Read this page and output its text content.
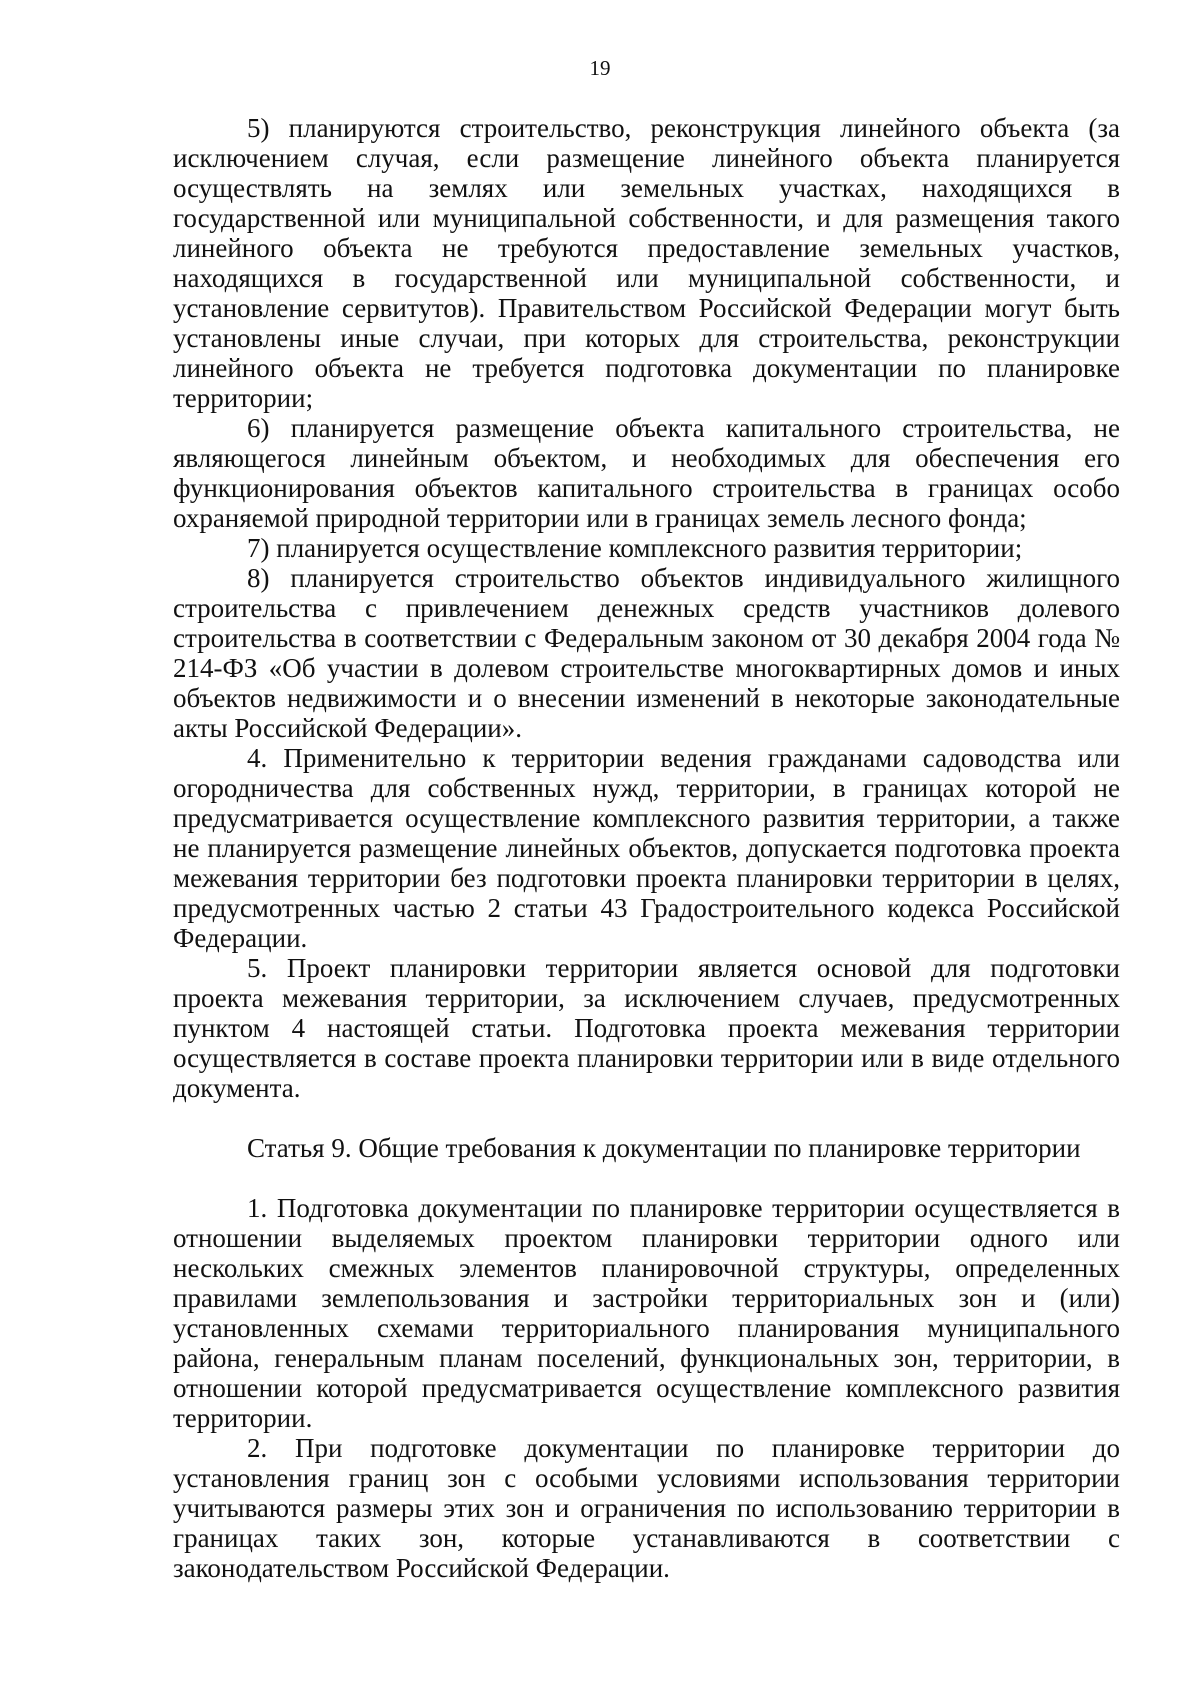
19

5) планируются строительство, реконструкция линейного объекта (за исключением случая, если размещение линейного объекта планируется осуществлять на землях или земельных участках, находящихся в государственной или муниципальной собственности, и для размещения такого линейного объекта не требуются предоставление земельных участков, находящихся в государственной или муниципальной собственности, и установление сервитутов). Правительством Российской Федерации могут быть установлены иные случаи, при которых для строительства, реконструкции линейного объекта не требуется подготовка документации по планировке территории;

6) планируется размещение объекта капитального строительства, не являющегося линейным объектом, и необходимых для обеспечения его функционирования объектов капитального строительства в границах особо охраняемой природной территории или в границах земель лесного фонда;

7) планируется осуществление комплексного развития территории;

8) планируется строительство объектов индивидуального жилищного строительства с привлечением денежных средств участников долевого строительства в соответствии с Федеральным законом от 30 декабря 2004 года № 214-ФЗ «Об участии в долевом строительстве многоквартирных домов и иных объектов недвижимости и о внесении изменений в некоторые законодательные акты Российской Федерации».

4. Применительно к территории ведения гражданами садоводства или огородничества для собственных нужд, территории, в границах которой не предусматривается осуществление комплексного развития территории, а также не планируется размещение линейных объектов, допускается подготовка проекта межевания территории без подготовки проекта планировки территории в целях, предусмотренных частью 2 статьи 43 Градостроительного кодекса Российской Федерации.

5. Проект планировки территории является основой для подготовки проекта межевания территории, за исключением случаев, предусмотренных пунктом 4 настоящей статьи. Подготовка проекта межевания территории осуществляется в составе проекта планировки территории или в виде отдельного документа.

Статья 9. Общие требования к документации по планировке территории

1. Подготовка документации по планировке территории осуществляется в отношении выделяемых проектом планировки территории одного или нескольких смежных элементов планировочной структуры, определенных правилами землепользования и застройки территориальных зон и (или) установленных схемами территориального планирования муниципального района, генеральным планам поселений, функциональных зон, территории, в отношении которой предусматривается осуществление комплексного развития территории.

2. При подготовке документации по планировке территории до установления границ зон с особыми условиями использования территории учитываются размеры этих зон и ограничения по использованию территории в границах таких зон, которые устанавливаются в соответствии с законодательством Российской Федерации.
